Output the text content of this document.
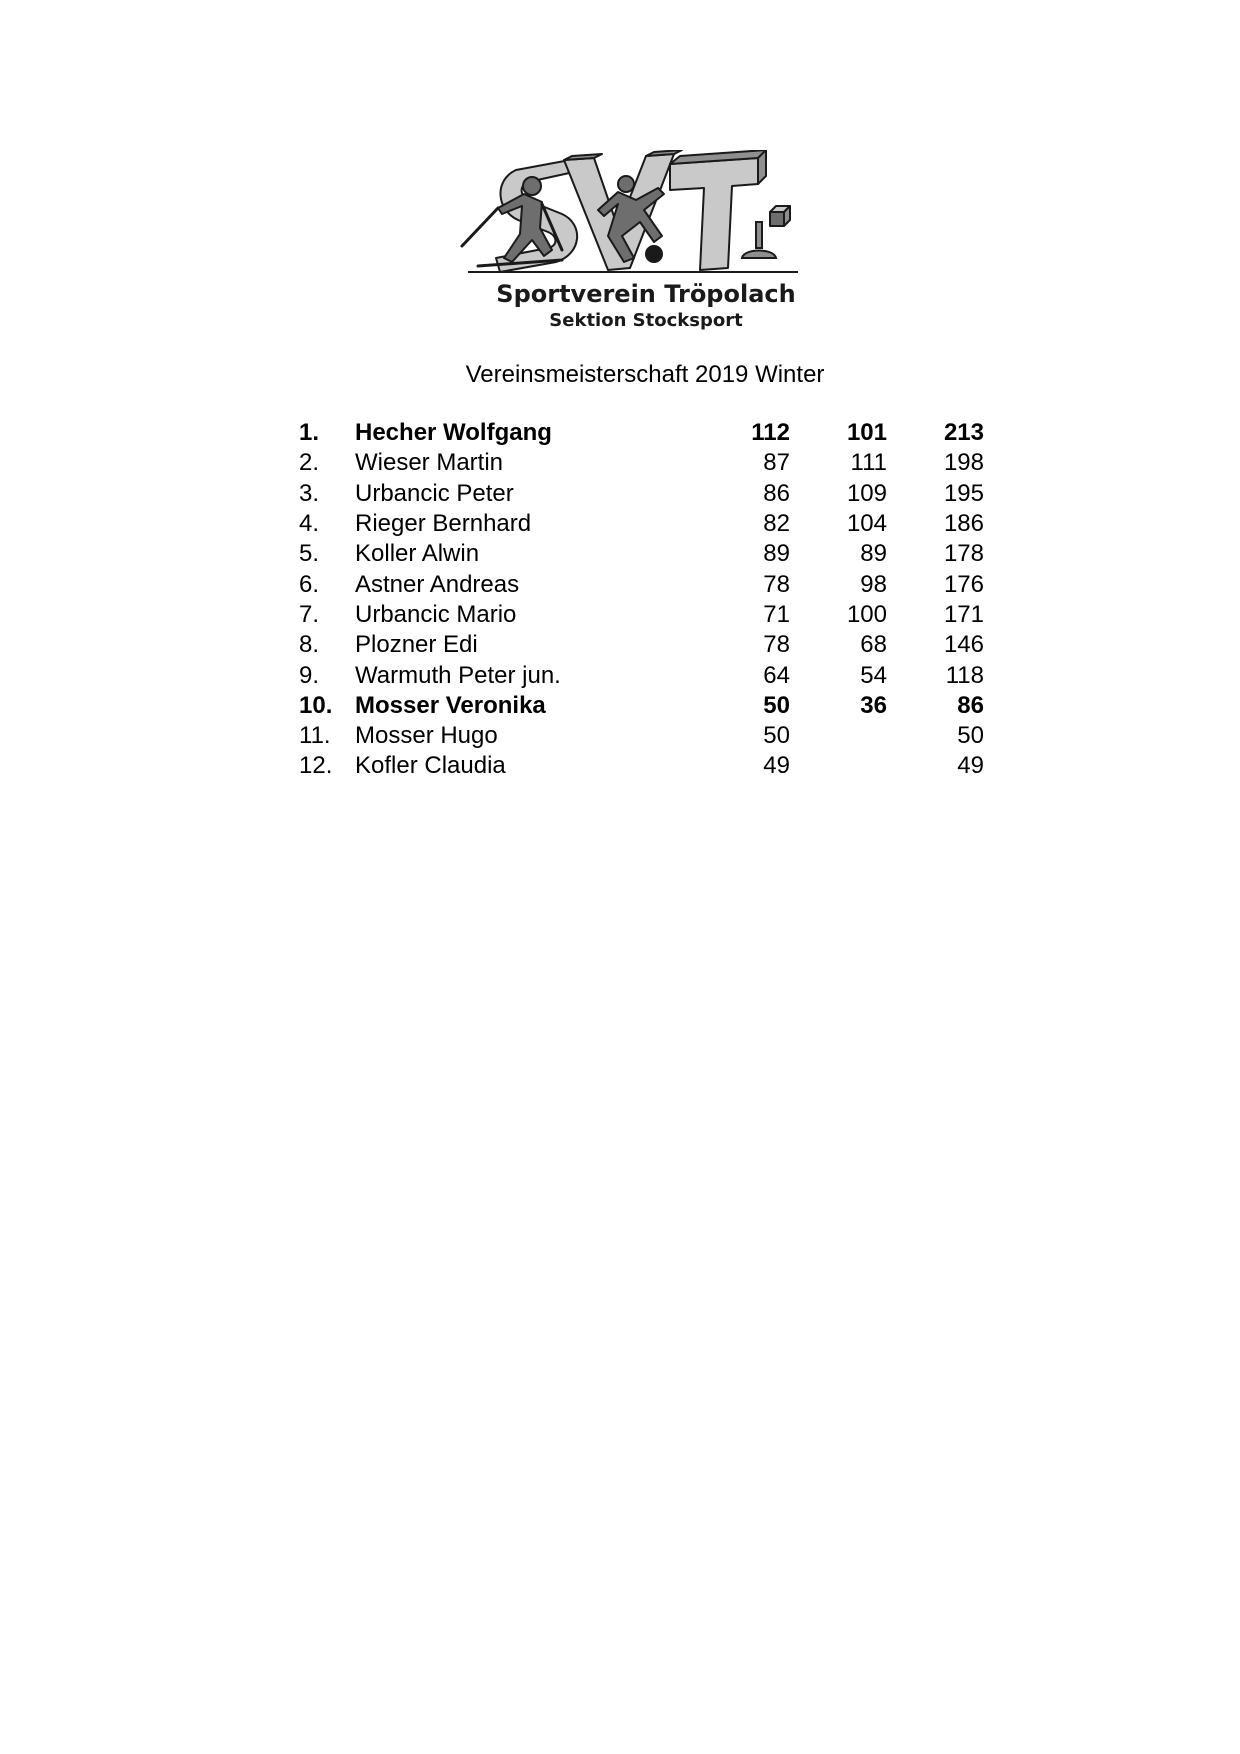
Sportverein Tröpolach
Sektion Stocksport
Vereinsmeisterschaft 2019 Winter
1.	Hecher Wolfgang	112	101	213
2.	Wieser Martin	87	111	198
3.	Urbancic Peter	86	109	195
4.	Rieger Bernhard	82	104	186
5.	Koller Alwin	89	89	178
6.	Astner Andreas	78	98	176
7.	Urbancic Mario	71	100	171
8.	Plozner Edi	78	68	146
9.	Warmuth Peter jun.	64	54	118
10.	Mosser Veronika	50	36	86
11.	Mosser Hugo	50		50
12.	Kofler Claudia	49		49
